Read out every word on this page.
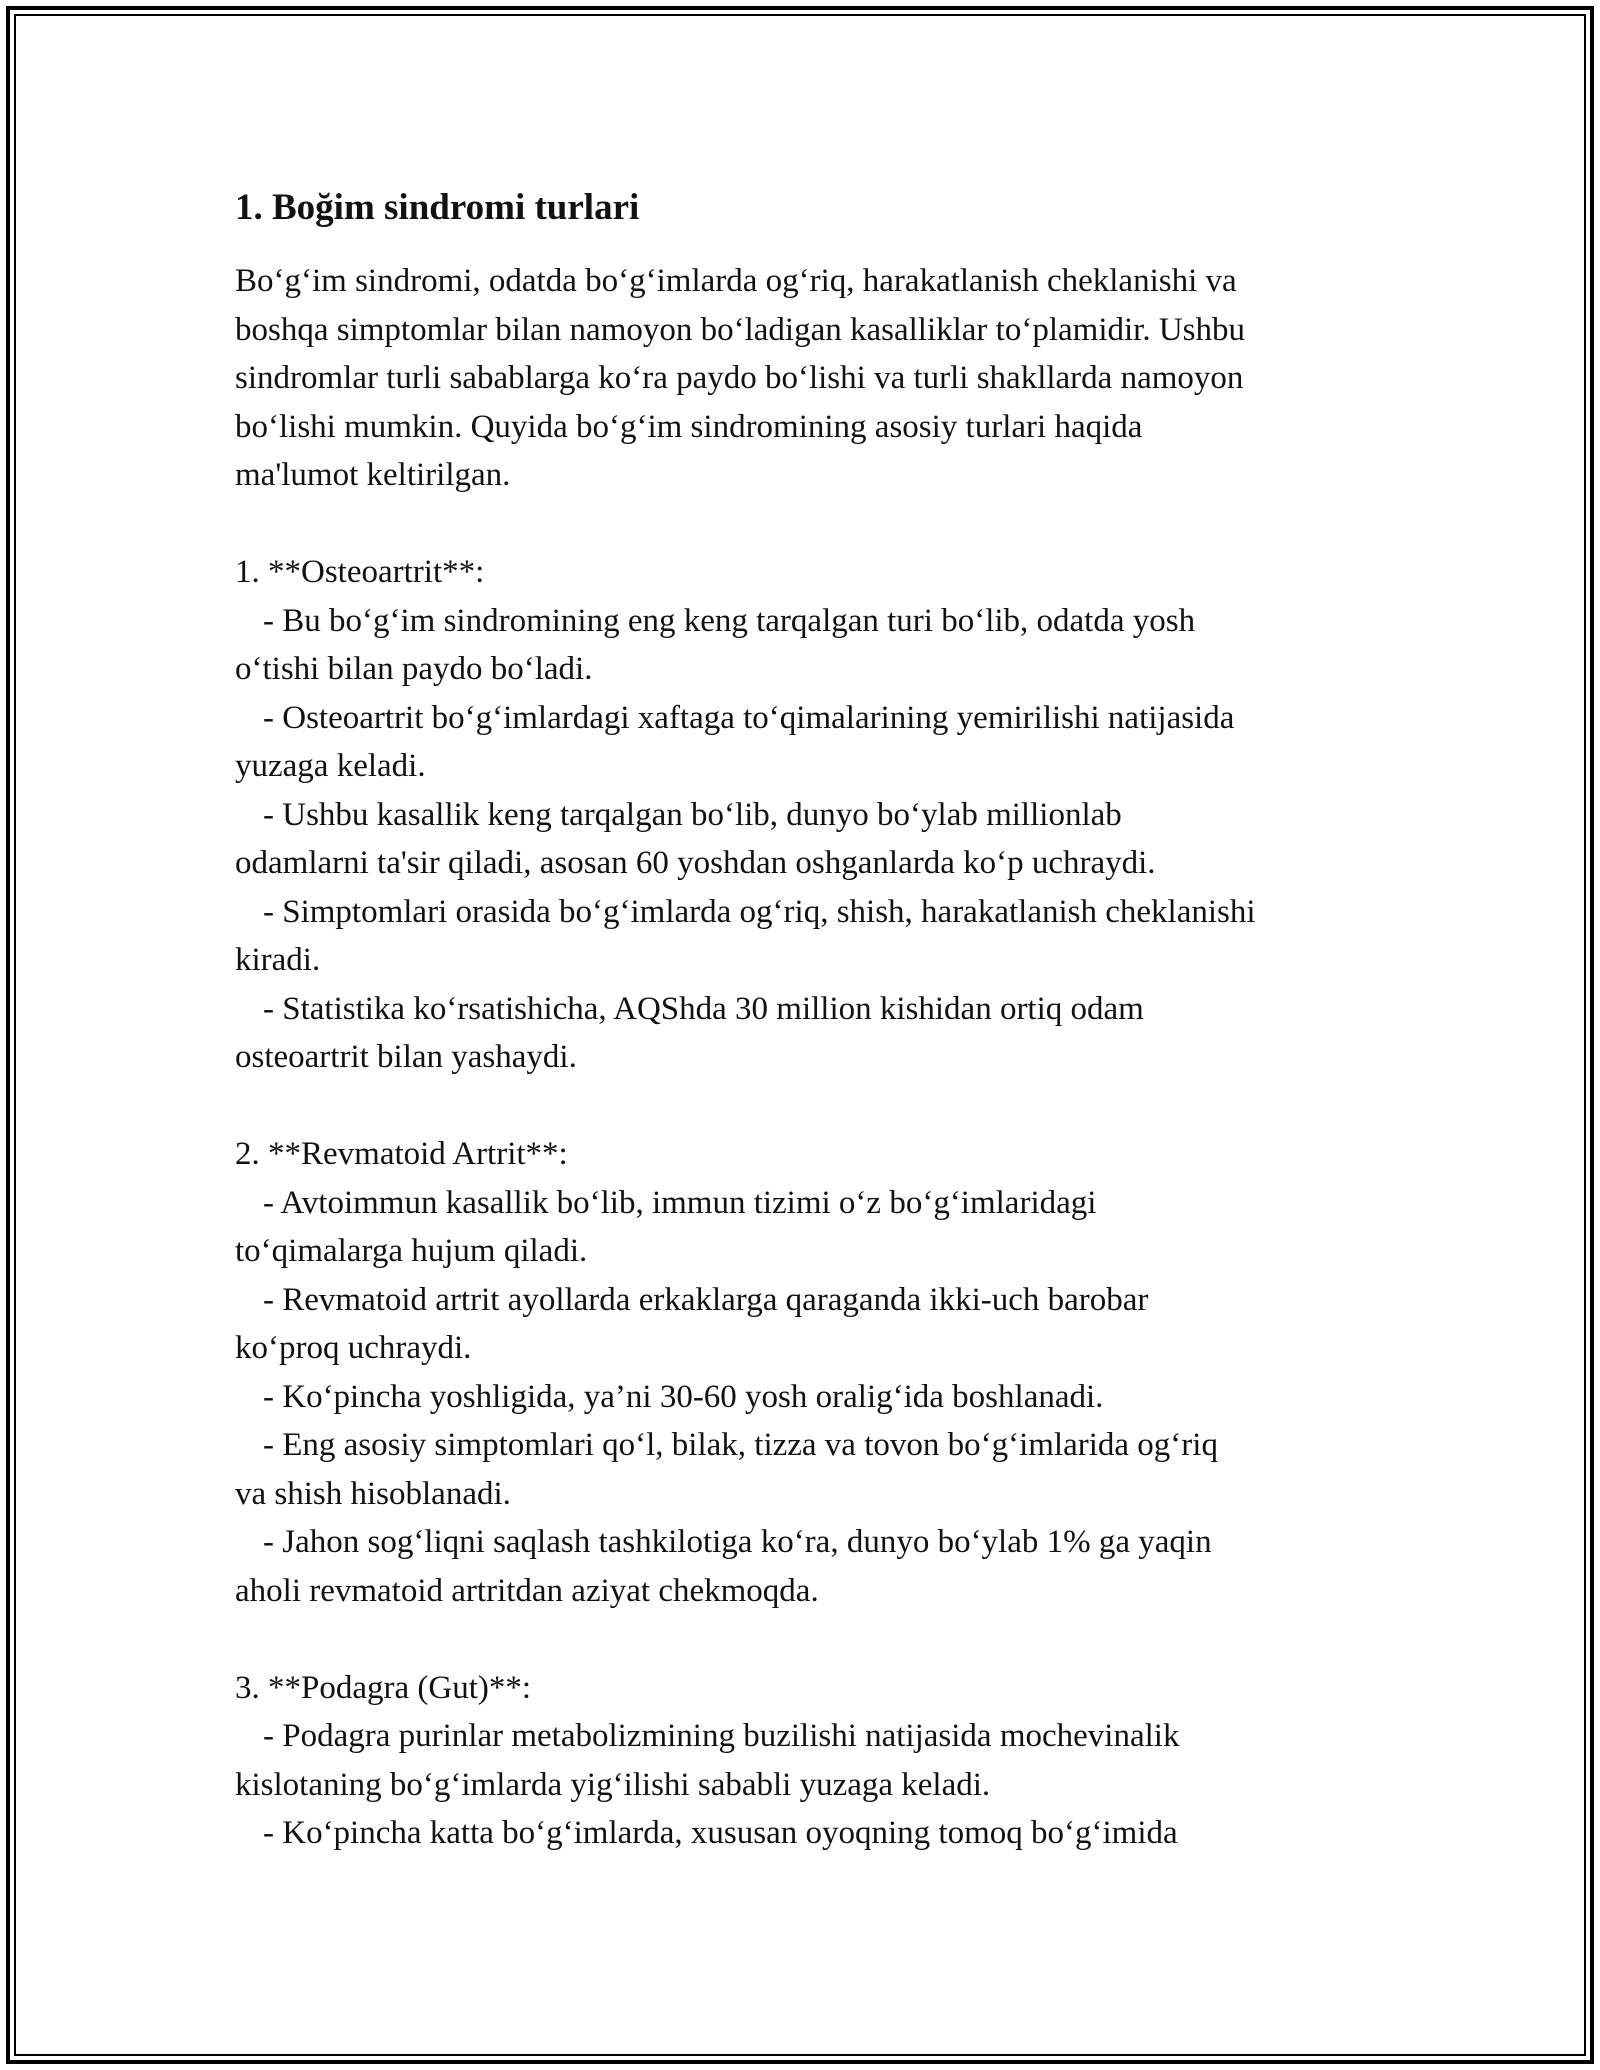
1. Boğim sindromi turlari

Bo‘g‘im sindromi, odatda bo‘g‘imlarda og‘riq, harakatlanish cheklanishi va

boshqa simptomlar bilan namoyon bo‘ladigan kasalliklar to‘plamidir. Ushbu

sindromlar turli sabablarga ko‘ra paydo bo‘lishi va turli shakllarda namoyon

bo‘lishi mumkin. Quyida bo‘g‘im sindromining asosiy turlari haqida

ma'lumot keltirilgan.

1. **Osteoartrit**:

- Bu bo‘g‘im sindromining eng keng tarqalgan turi bo‘lib, odatda yosh

o‘tishi bilan paydo bo‘ladi.

- Osteoartrit bo‘g‘imlardagi xaftaga to‘qimalarining yemirilishi natijasida

yuzaga keladi.

- Ushbu kasallik keng tarqalgan bo‘lib, dunyo bo‘ylab millionlab

odamlarni ta'sir qiladi, asosan 60 yoshdan oshganlarda ko‘p uchraydi.

- Simptomlari orasida bo‘g‘imlarda og‘riq, shish, harakatlanish cheklanishi

kiradi.

- Statistika ko‘rsatishicha, AQShda 30 million kishidan ortiq odam

osteoartrit bilan yashaydi.

2. **Revmatoid Artrit**:

- Avtoimmun kasallik bo‘lib, immun tizimi o‘z bo‘g‘imlaridagi

to‘qimalarga hujum qiladi.

- Revmatoid artrit ayollarda erkaklarga qaraganda ikki-uch barobar

ko‘proq uchraydi.

- Ko‘pincha yoshligida, ya’ni 30-60 yosh oralig‘ida boshlanadi.

- Eng asosiy simptomlari qo‘l, bilak, tizza va tovon bo‘g‘imlarida og‘riq

va shish hisoblanadi.

- Jahon sog‘liqni saqlash tashkilotiga ko‘ra, dunyo bo‘ylab 1% ga yaqin

aholi revmatoid artritdan aziyat chekmoqda.

3. **Podagra (Gut)**:

- Podagra purinlar metabolizmining buzilishi natijasida mochevinalik

kislotaning bo‘g‘imlarda yig‘ilishi sababli yuzaga keladi.

- Ko‘pincha katta bo‘g‘imlarda, xususan oyoqning tomoq bo‘g‘imida
